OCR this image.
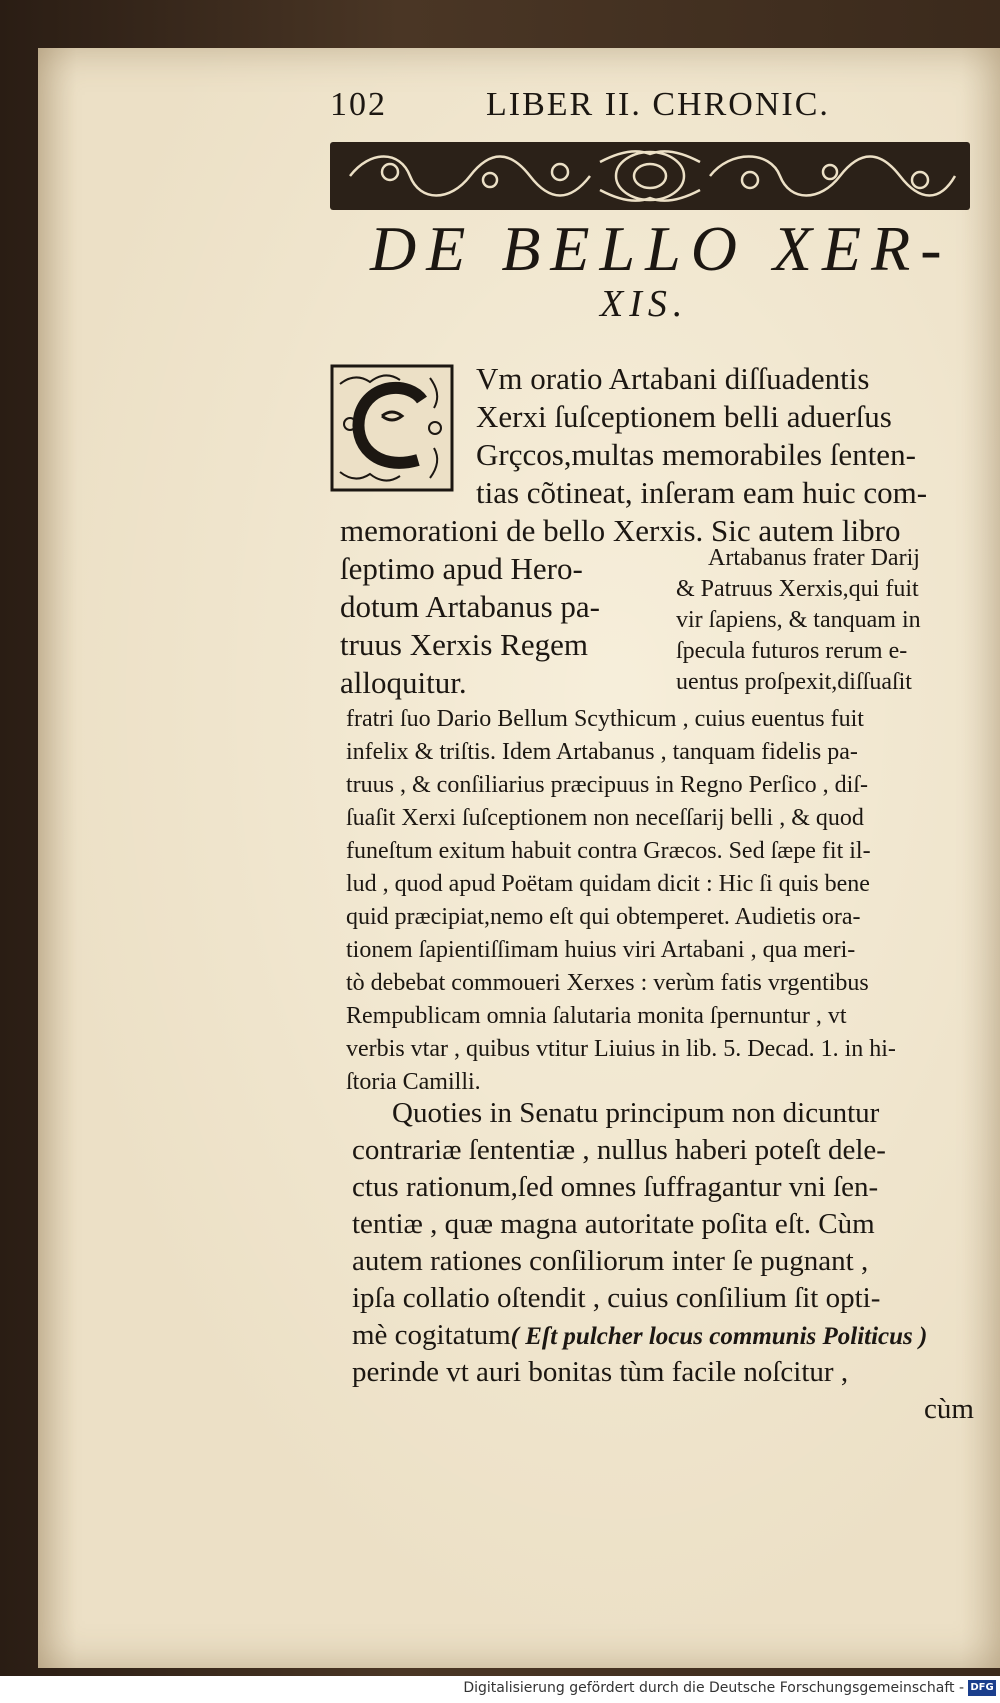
102	LIBER II. CHRONIC.
DE BELLO XER-
XIS.
Vm oratio Artabani diſſuadentis
Xerxi ſuſceptionem belli aduerſus
Grçcos,multas memorabiles ſenten-
tias cõtineat, inſeram eam huic com-
memorationi de bello Xerxis. Sic autem libro
ſeptimo apud Hero-
dotum Artabanus pa-
truus Xerxis Regem
alloquitur.
Artabanus frater Darij
& Patruus Xerxis,qui fuit
vir ſapiens, & tanquam in
ſpecula futuros rerum e-
uentus proſpexit,diſſuaſit
fratri ſuo Dario Bellum Scythicum , cuius euentus fuit
infelix & triſtis. Idem Artabanus , tanquam fidelis pa-
truus , & conſiliarius præcipuus in Regno Perſico , diſ-
ſuaſit Xerxi ſuſceptionem non neceſſarij belli , & quod
funeſtum exitum habuit contra Græcos. Sed ſæpe fit il-
lud , quod apud Poëtam quidam dicit : Hic ſi quis bene
quid præcipiat,nemo eſt qui obtemperet. Audietis ora-
tionem ſapientiſſimam huius viri Artabani , qua meri-
tò debebat commoueri Xerxes : verùm fatis vrgentibus
Rempublicam omnia ſalutaria monita ſpernuntur , vt
verbis vtar , quibus vtitur Liuius in lib. 5. Decad. 1. in hi-
ſtoria Camilli.
Quoties in Senatu principum non dicuntur
contrariæ ſententiæ , nullus haberi poteſt dele-
ctus rationum,ſed omnes ſuffragantur vni ſen-
tentiæ , quæ magna autoritate poſita eſt. Cùm
autem rationes conſiliorum inter ſe pugnant ,
ipſa collatio oſtendit , cuius conſilium ſit opti-
mè cogitatum( Eſt pulcher locus communis Politicus )
perinde vt auri bonitas tùm facile noſcitur ,
cùm
Digitalisierung gefördert durch die Deutsche Forschungsgemeinschaft - DFG
